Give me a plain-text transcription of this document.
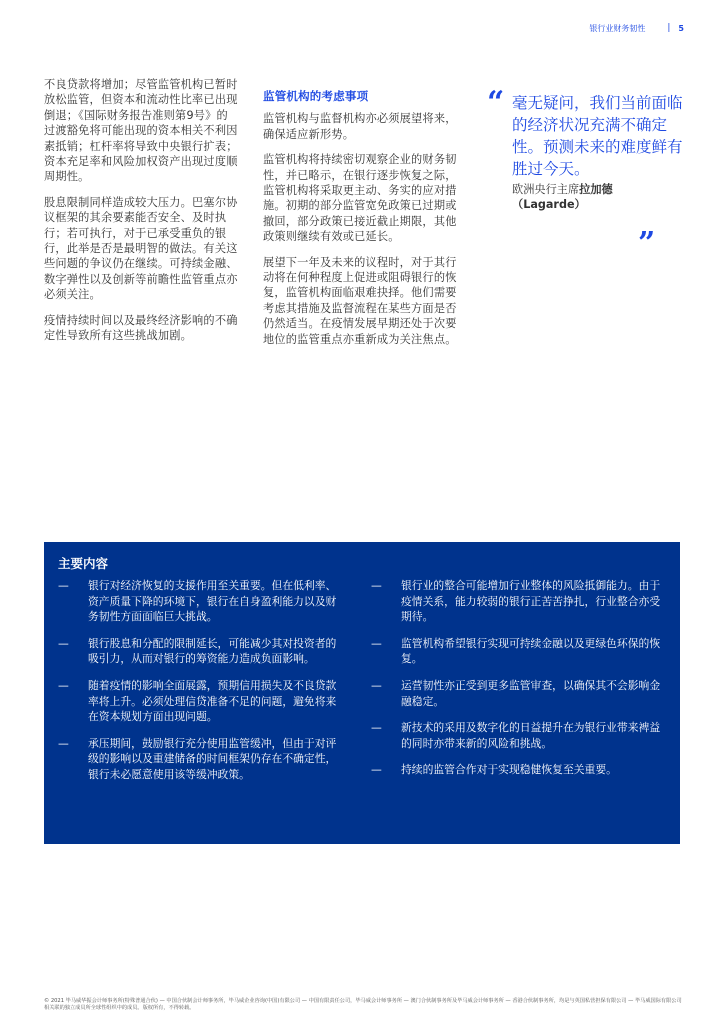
银行业财务韧性 | 5

不良贷款将增加；尽管监管机构已暂时放松监管，但资本和流动性比率已出现倒退；《国际财务报告准则第9号》的过渡豁免将可能出现的资本相关不利因素抵销；杠杆率将导致中央银行扩表；资本充足率和风险加权资产出现过度顺周期性。

股息限制同样造成较大压力。巴塞尔协议框架的其余要素能否安全、及时执行；若可执行，对于已承受重负的银行，此举是否是最明智的做法。有关这些问题的争议仍在继续。可持续金融、数字弹性以及创新等前瞻性监管重点亦必须关注。

疫情持续时间以及最终经济影响的不确定性导致所有这些挑战加剧。

监管机构的考虑事项

监管机构与监督机构亦必须展望将来，确保适应新形势。

监管机构将持续密切观察企业的财务韧性，并已略示，在银行逐步恢复之际，监管机构将采取更主动、务实的应对措施。初期的部分监管宽免政策已过期或撤回，部分政策已接近截止期限，其他政策则继续有效或已延长。

展望下一年及未来的议程时，对于其行动将在何种程度上促进或阻碍银行的恢复，监管机构面临艰难抉择。他们需要考虑其措施及监督流程在某些方面是否仍然适当。在疫情发展早期还处于次要地位的监管重点亦重新成为关注焦点。

“ 毫无疑问，我们当前面临的经济状况充满不确定性。预测未来的难度鲜有胜过今天。
欧洲央行主席拉加德
（Lagarde）
”
主要内容
— 银行对经济恢复的支援作用至关重要。但在低利率、资产质量下降的环境下，银行在自身盈利能力以及财务韧性方面面临巨大挑战。
— 银行股息和分配的限制延长，可能减少其对投资者的吸引力，从而对银行的筹资能力造成负面影响。
— 随着疫情的影响全面展露，预期信用损失及不良贷款率将上升。必须处理信贷准备不足的问题，避免将来在资本规划方面出现问题。
— 承压期间，鼓励银行充分使用监管缓冲，但由于对评级的影响以及重建储备的时间框架仍存在不确定性，银行未必愿意使用该等缓冲政策。
— 银行业的整合可能增加行业整体的风险抵御能力。由于疫情关系，能力较弱的银行正苦苦挣扎，行业整合亦受期待。
— 监管机构希望银行实现可持续金融以及更绿色环保的恢复。
— 运营韧性亦正受到更多监管审查，以确保其不会影响金融稳定。
— 新技术的采用及数字化的日益提升在为银行业带来裨益的同时亦带来新的风险和挑战。
— 持续的监管合作对于实现稳健恢复至关重要。
© 2021 毕马威华振会计师事务所(特殊普通合伙) — 中国合伙制会计师事务所，毕马威企业咨询(中国)有限公司 — 中国有限责任公司，毕马威会计师事务所 — 澳门合伙制事务所及毕马威会计师事务所 — 香港合伙制事务所，均是与英国私营担保有限公司 — 毕马威国际有限公司相关联的独立成员所全球性组织中的成员。版权所有，不得转载。
